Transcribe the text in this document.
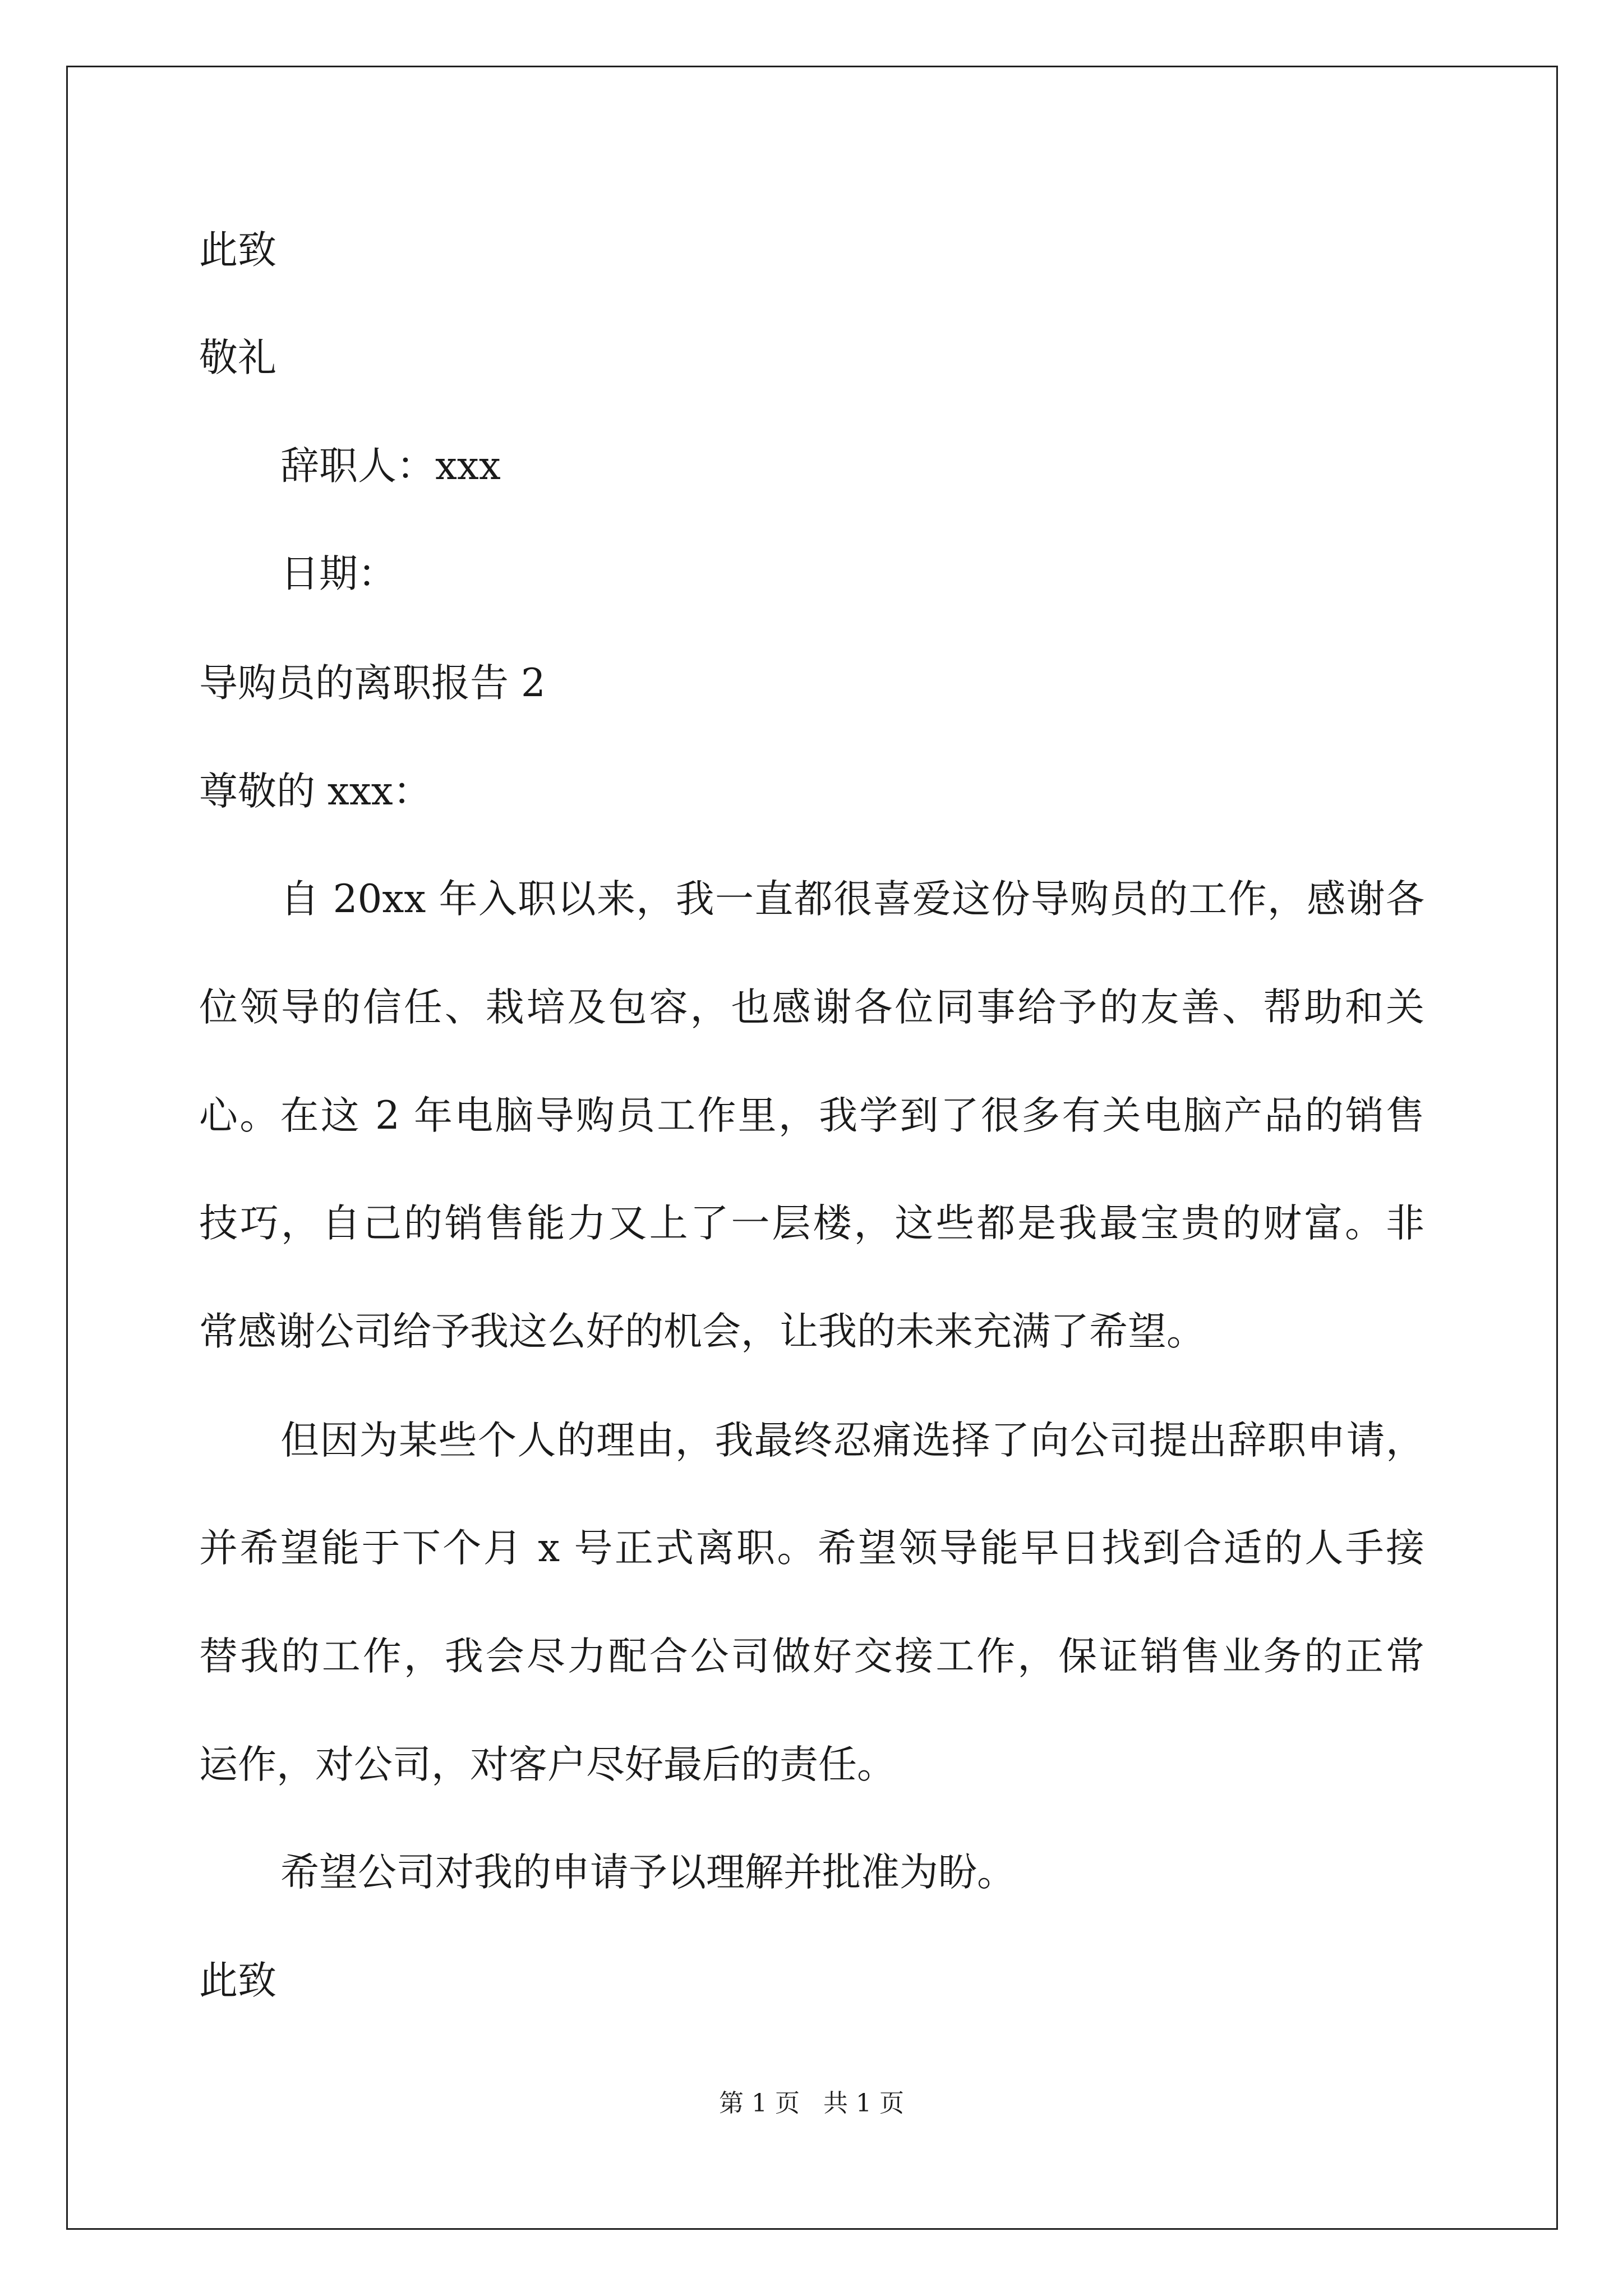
此致
敬礼
辞职人：xxx
日期：
导购员的离职报告 2
尊敬的 xxx：
自 20xx 年入职以来，我一直都很喜爱这份导购员的工作，感谢各
位领导的信任、栽培及包容，也感谢各位同事给予的友善、帮助和关
心。在这 2 年电脑导购员工作里，我学到了很多有关电脑产品的销售
技巧，自己的销售能力又上了一层楼，这些都是我最宝贵的财富。非
常感谢公司给予我这么好的机会，让我的未来充满了希望。
但因为某些个人的理由，我最终忍痛选择了向公司提出辞职申请，
并希望能于下个月 x 号正式离职。希望领导能早日找到合适的人手接
替我的工作，我会尽力配合公司做好交接工作，保证销售业务的正常
运作，对公司，对客户尽好最后的责任。
希望公司对我的申请予以理解并批准为盼。
此致
第 1 页   共 1 页
